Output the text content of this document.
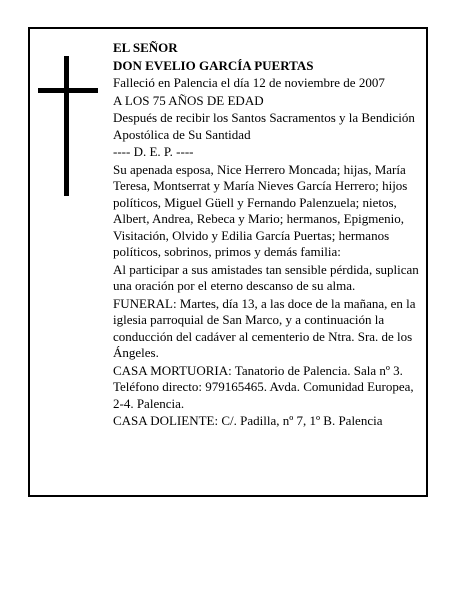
EL SEÑOR

DON EVELIO GARCÍA PUERTAS

Falleció en Palencia el día 12 de noviembre de 2007

A LOS 75 AÑOS DE EDAD

Después de recibir los Santos Sacramentos y la Bendición Apostólica de Su Santidad

---- D. E. P. ----

Su apenada esposa, Nice Herrero Moncada; hijas, María Teresa, Montserrat y María Nieves García Herrero; hijos políticos, Miguel Güell y Fernando Palenzuela; nietos, Albert, Andrea, Rebeca y Mario; hermanos, Epigmenio, Visitación, Olvido y Edilia García Puertas; hermanos políticos, sobrinos, primos y demás familia:

Al participar a sus amistades tan sensible pérdida, suplican una oración por el eterno descanso de su alma.

FUNERAL: Martes, día 13, a las doce de la mañana, en la iglesia parroquial de San Marco, y a continuación la conducción del cadáver al cementerio de Ntra. Sra. de los Ángeles.

CASA MORTUORIA: Tanatorio de Palencia. Sala nº 3. Teléfono directo: 979165465. Avda. Comunidad Europea, 2-4. Palencia.

CASA DOLIENTE: C/. Padilla, nº 7, 1º B. Palencia
